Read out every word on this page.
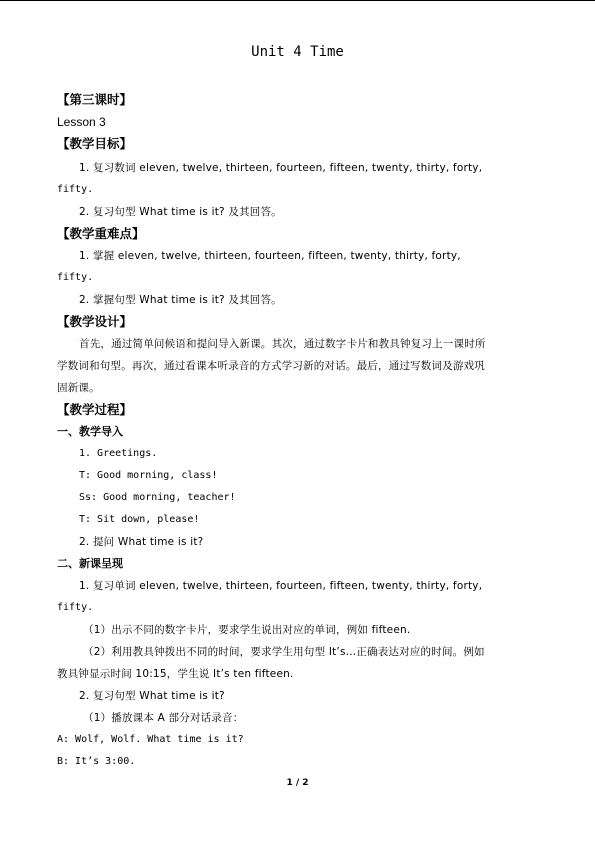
Unit 4 Time
【第三课时】
Lesson 3
【教学目标】
1. 复习数词 eleven, twelve, thirteen, fourteen, fifteen, twenty, thirty, forty,
fifty.
2. 复习句型 What time is it? 及其回答。
【教学重难点】
1. 掌握 eleven, twelve, thirteen, fourteen, fifteen, twenty, thirty, forty,
fifty.
2. 掌握句型 What time is it? 及其回答。
【教学设计】
首先，通过简单问候语和提问导入新课。其次，通过数字卡片和教具钟复习上一课时所
学数词和句型。再次，通过看课本听录音的方式学习新的对话。最后，通过写数词及游戏巩
固新课。
【教学过程】
一、教学导入
1. Greetings.
T: Good morning, class!
Ss: Good morning, teacher!
T: Sit down, please!
2. 提问 What time is it?
二、新课呈现
1. 复习单词 eleven, twelve, thirteen, fourteen, fifteen, twenty, thirty, forty,
fifty.
（1）出示不同的数字卡片，要求学生说出对应的单词，例如 fifteen.
（2）利用教具钟拨出不同的时间，要求学生用句型 It’s…正确表达对应的时间。例如
教具钟显示时间 10:15，学生说 It’s ten fifteen.
2. 复习句型 What time is it?
（1）播放课本 A 部分对话录音：
A: Wolf, Wolf. What time is it?
B: It’s 3:00.
1 / 2
